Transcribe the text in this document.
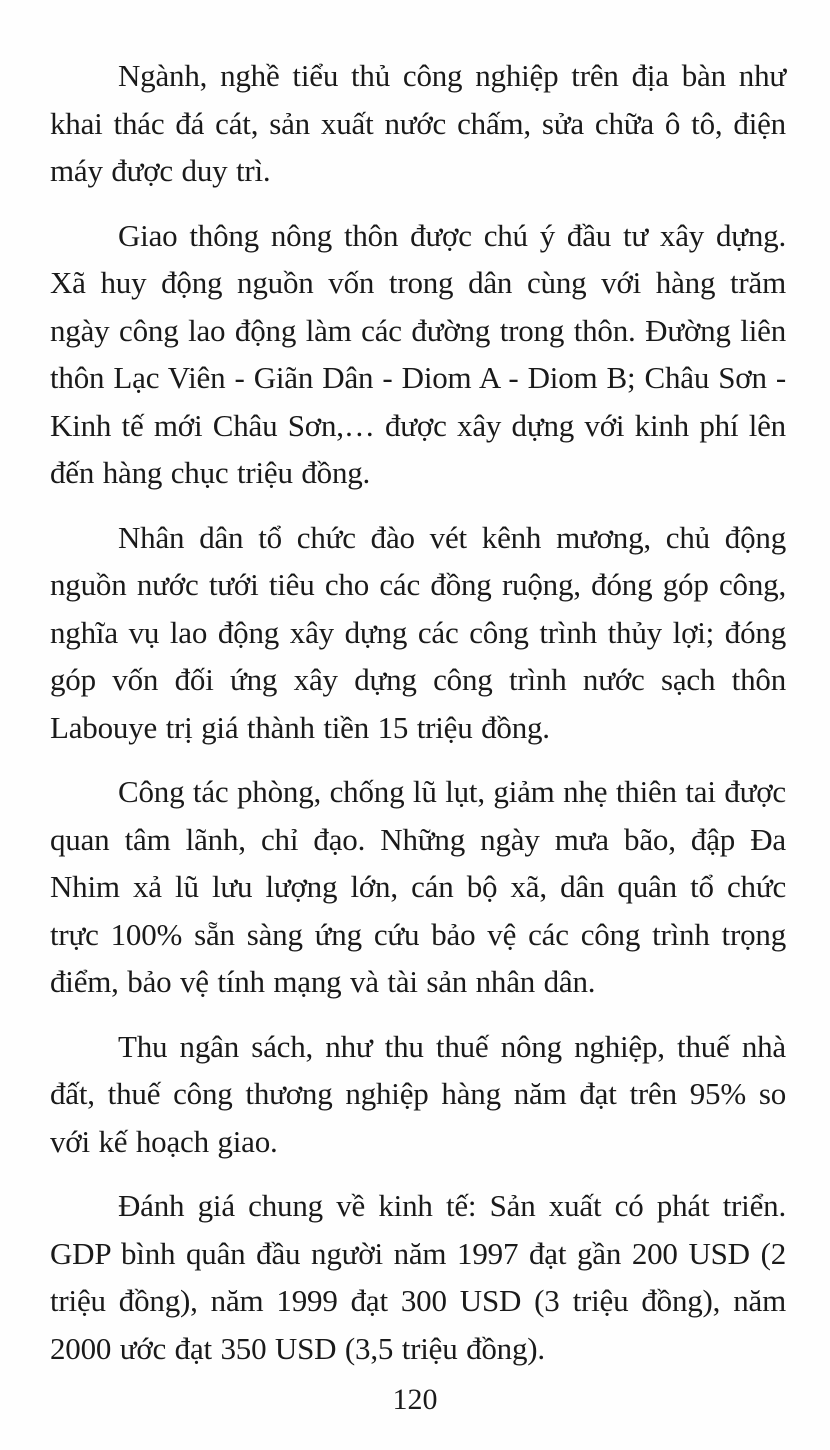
Ngành, nghề tiểu thủ công nghiệp trên địa bàn như khai thác đá cát, sản xuất nước chấm, sửa chữa ô tô, điện máy được duy trì.

Giao thông nông thôn được chú ý đầu tư xây dựng. Xã huy động nguồn vốn trong dân cùng với hàng trăm ngày công lao động làm các đường trong thôn. Đường liên thôn Lạc Viên - Giãn Dân - Diom A - Diom B; Châu Sơn - Kinh tế mới Châu Sơn,… được xây dựng với kinh phí lên đến hàng chục triệu đồng.

Nhân dân tổ chức đào vét kênh mương, chủ động nguồn nước tưới tiêu cho các đồng ruộng, đóng góp công, nghĩa vụ lao động xây dựng các công trình thủy lợi; đóng góp vốn đối ứng xây dựng công trình nước sạch thôn Labouye trị giá thành tiền 15 triệu đồng.

Công tác phòng, chống lũ lụt, giảm nhẹ thiên tai được quan tâm lãnh, chỉ đạo. Những ngày mưa bão, đập Đa Nhim xả lũ lưu lượng lớn, cán bộ xã, dân quân tổ chức trực 100% sẵn sàng ứng cứu bảo vệ các công trình trọng điểm, bảo vệ tính mạng và tài sản nhân dân.

Thu ngân sách, như thu thuế nông nghiệp, thuế nhà đất, thuế công thương nghiệp hàng năm đạt trên 95% so với kế hoạch giao.

Đánh giá chung về kinh tế: Sản xuất có phát triển. GDP bình quân đầu người năm 1997 đạt gần 200 USD (2 triệu đồng), năm 1999 đạt 300 USD (3 triệu đồng), năm 2000 ước đạt 350 USD (3,5 triệu đồng).

120
